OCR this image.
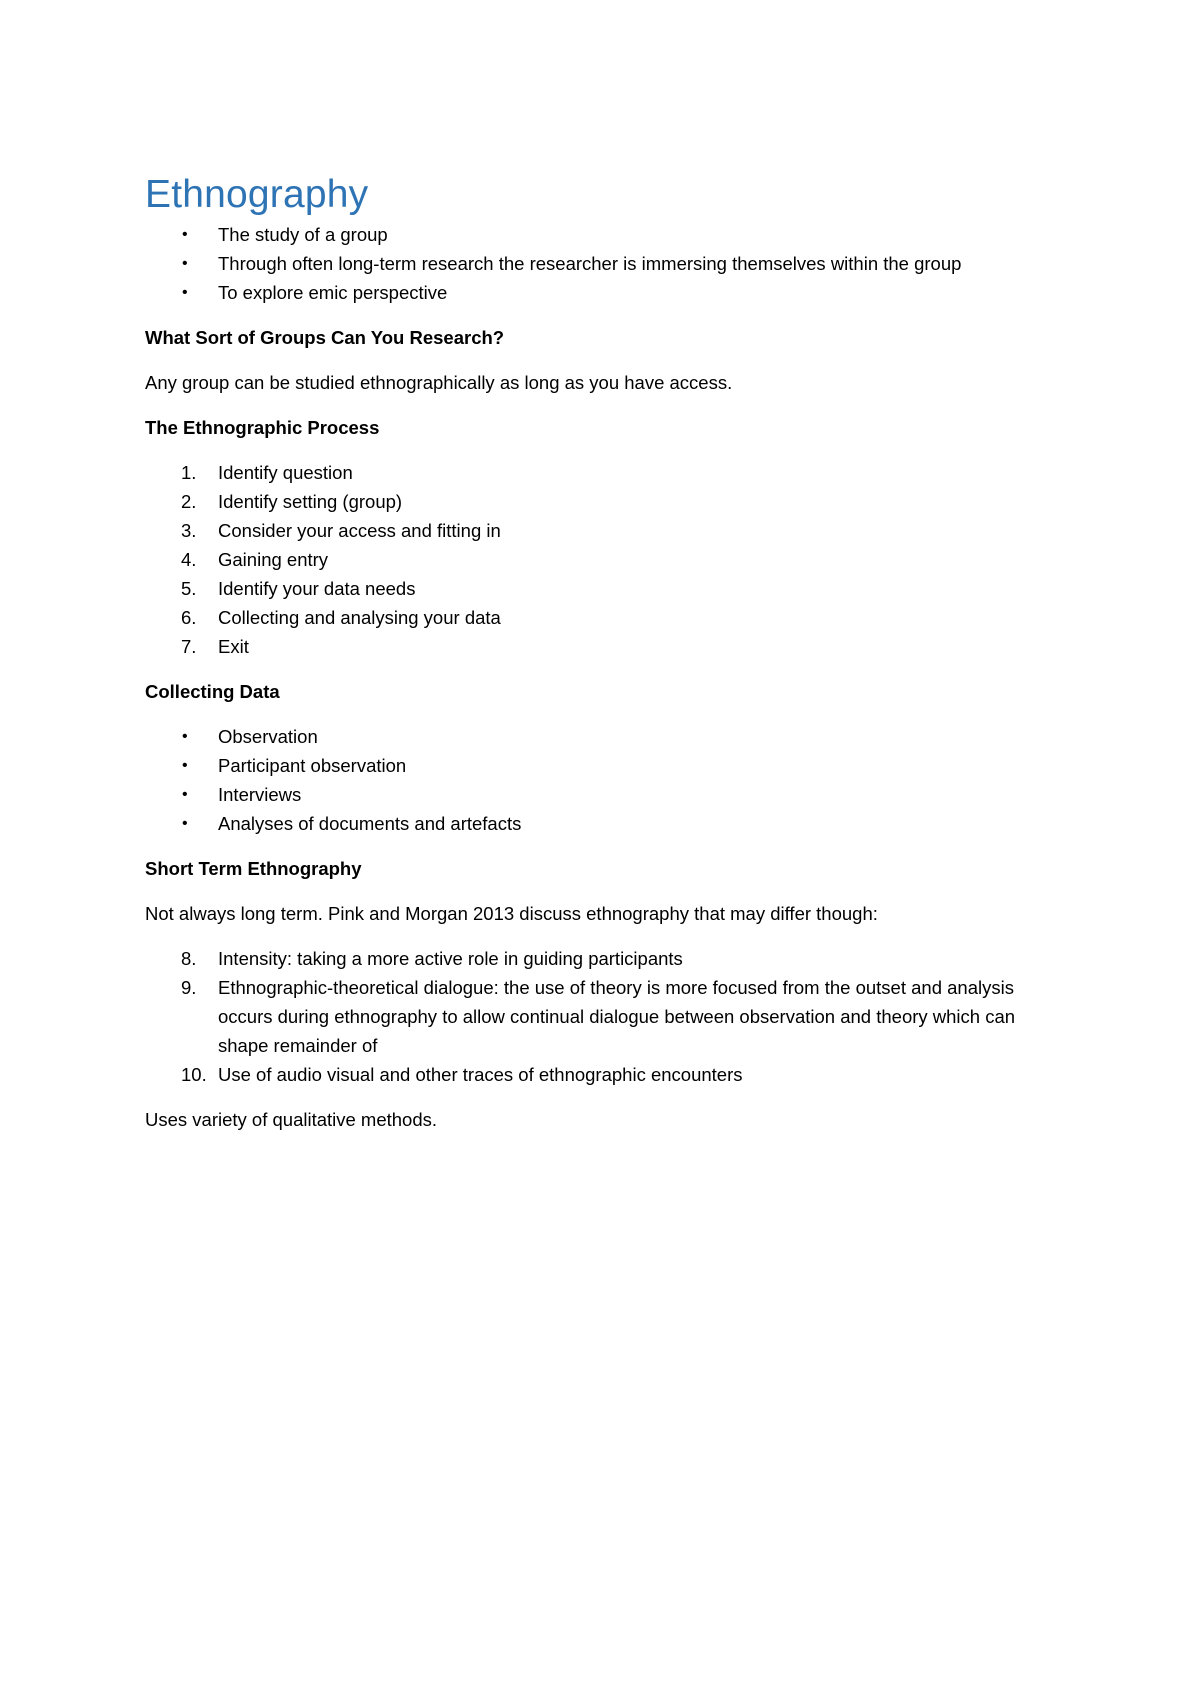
Ethnography
• The study of a group
• Through often long-term research the researcher is immersing themselves within the group
• To explore emic perspective
What Sort of Groups Can You Research?
Any group can be studied ethnographically as long as you have access.
The Ethnographic Process
1.	Identify question
2.	Identify setting (group)
3.	Consider your access and fitting in
4.	Gaining entry
5.	Identify your data needs
6.	Collecting and analysing your data
7.	Exit
Collecting Data
• Observation
• Participant observation
• Interviews
• Analyses of documents and artefacts
Short Term Ethnography
Not always long term. Pink and Morgan 2013 discuss ethnography that may differ though:
8.	Intensity: taking a more active role in guiding participants
9.	Ethnographic-theoretical dialogue: the use of theory is more focused from the outset and analysis occurs during ethnography to allow continual dialogue between observation and theory which can shape remainder of
10. Use of audio visual and other traces of ethnographic encounters
Uses variety of qualitative methods.
